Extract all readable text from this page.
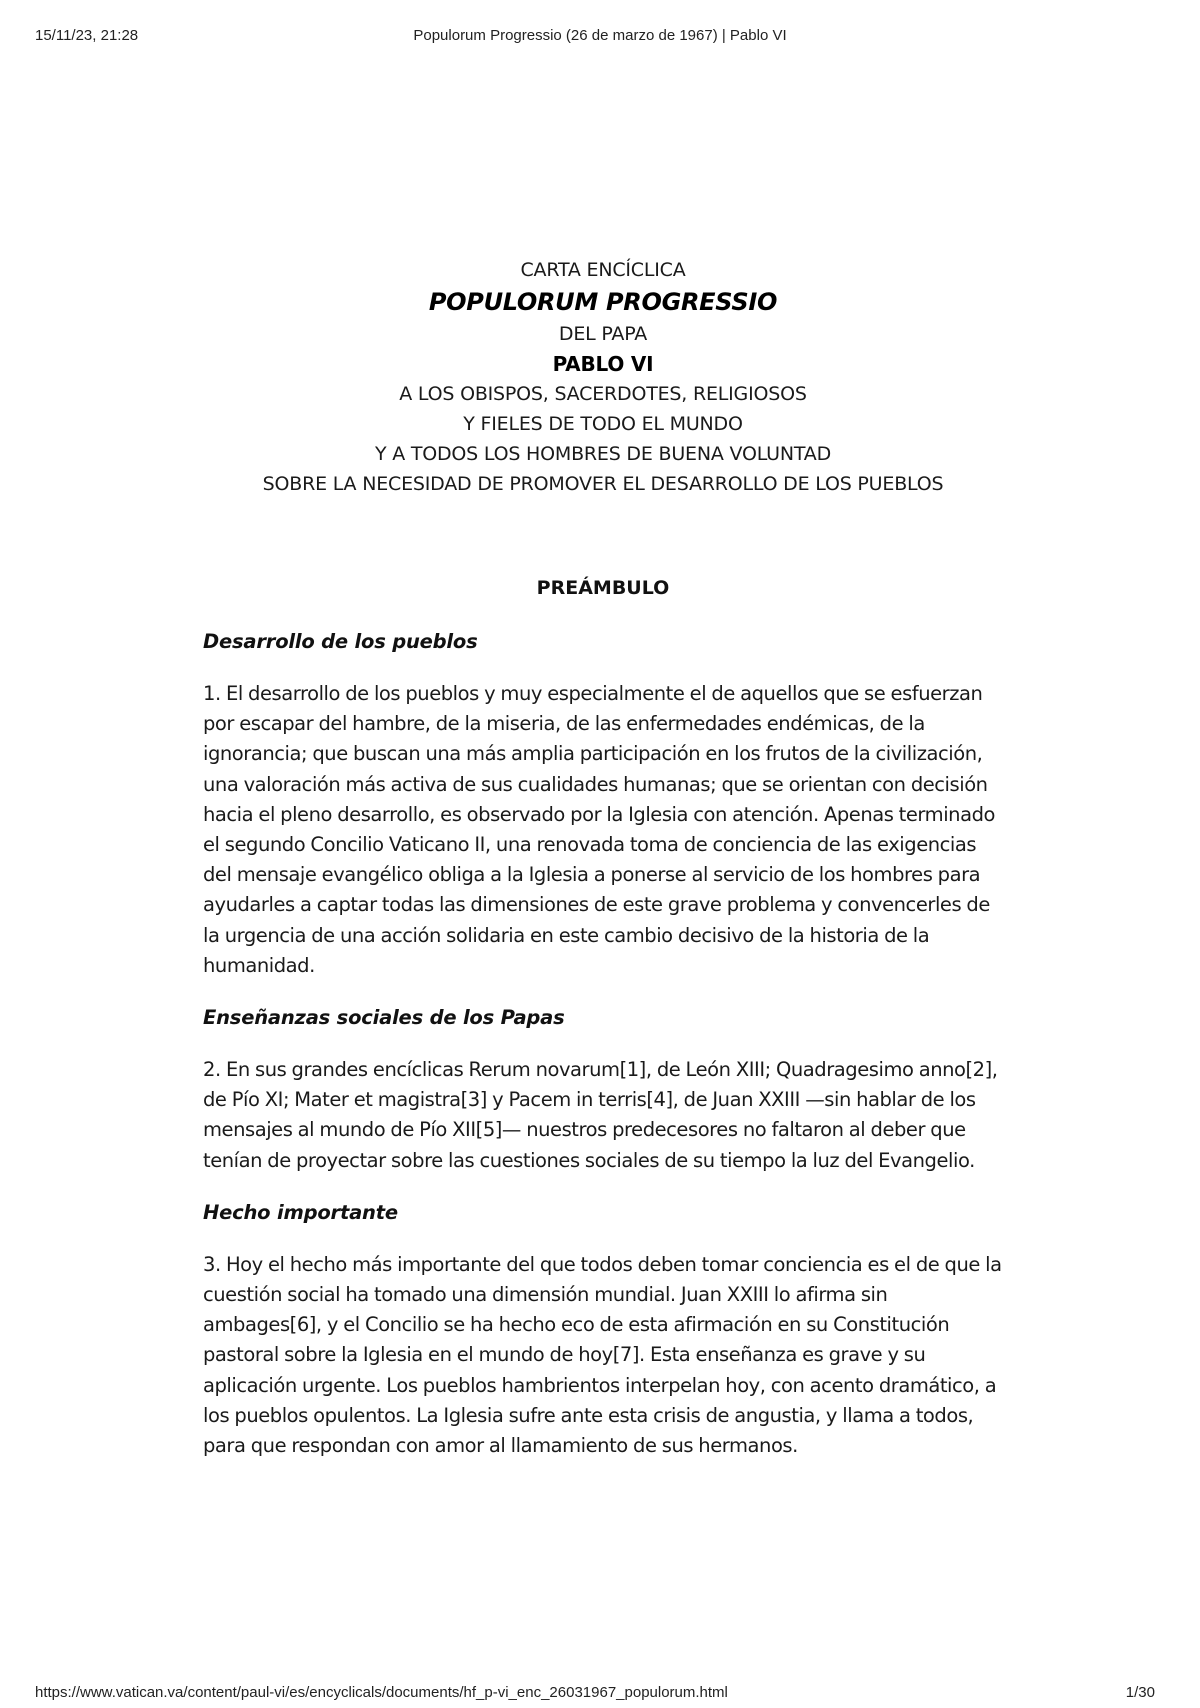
15/11/23, 21:28	Populorum Progressio (26 de marzo de 1967) | Pablo VI
CARTA ENCÍCLICA
POPULORUM PROGRESSIO
DEL PAPA
PABLO VI
A LOS OBISPOS, SACERDOTES, RELIGIOSOS
Y FIELES DE TODO EL MUNDO
Y A TODOS LOS HOMBRES DE BUENA VOLUNTAD
SOBRE LA NECESIDAD DE PROMOVER EL DESARROLLO DE LOS PUEBLOS
PREÁMBULO
Desarrollo de los pueblos

1. El desarrollo de los pueblos y muy especialmente el de aquellos que se esfuerzan por escapar del hambre, de la miseria, de las enfermedades endémicas, de la ignorancia; que buscan una más amplia participación en los frutos de la civilización, una valoración más activa de sus cualidades humanas; que se orientan con decisión hacia el pleno desarrollo, es observado por la Iglesia con atención. Apenas terminado el segundo Concilio Vaticano II, una renovada toma de conciencia de las exigencias del mensaje evangélico obliga a la Iglesia a ponerse al servicio de los hombres para ayudarles a captar todas las dimensiones de este grave problema y convencerles de la urgencia de una acción solidaria en este cambio decisivo de la historia de la humanidad.

Enseñanzas sociales de los Papas

2. En sus grandes encíclicas Rerum novarum[1], de León XIII; Quadragesimo anno[2], de Pío XI; Mater et magistra[3] y Pacem in terris[4], de Juan XXIII —sin hablar de los mensajes al mundo de Pío XII[5]— nuestros predecesores no faltaron al deber que tenían de proyectar sobre las cuestiones sociales de su tiempo la luz del Evangelio.

Hecho importante

3. Hoy el hecho más importante del que todos deben tomar conciencia es el de que la cuestión social ha tomado una dimensión mundial. Juan XXIII lo afirma sin ambages[6], y el Concilio se ha hecho eco de esta afirmación en su Constitución pastoral sobre la Iglesia en el mundo de hoy[7]. Esta enseñanza es grave y su aplicación urgente. Los pueblos hambrientos interpelan hoy, con acento dramático, a los pueblos opulentos. La Iglesia sufre ante esta crisis de angustia, y llama a todos, para que respondan con amor al llamamiento de sus hermanos.

https://www.vatican.va/content/paul-vi/es/encyclicals/documents/hf_p-vi_enc_26031967_populorum.html	1/30
